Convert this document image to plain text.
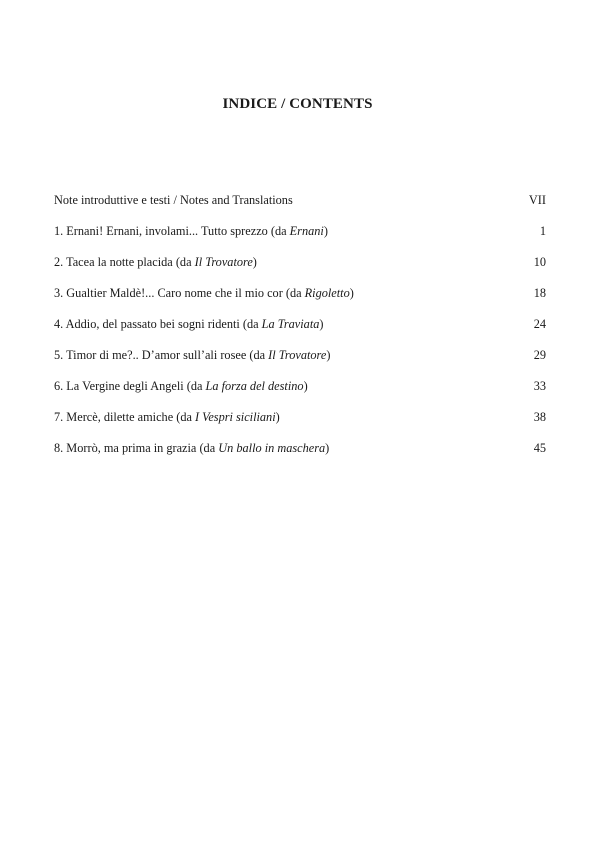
INDICE / CONTENTS
Note introduttive e testi / Notes and Translations	VII
1. Ernani! Ernani, involami... Tutto sprezzo (da Ernani)	1
2. Tacea la notte placida (da Il Trovatore)	10
3. Gualtier Maldè!... Caro nome che il mio cor (da Rigoletto)	18
4. Addio, del passato bei sogni ridenti (da La Traviata)	24
5. Timor di me?.. D’amor sull’ali rosee (da Il Trovatore)	29
6. La Vergine degli Angeli (da La forza del destino)	33
7. Mercè, dilette amiche (da I Vespri siciliani)	38
8. Morrò, ma prima in grazia (da Un ballo in maschera)	45
